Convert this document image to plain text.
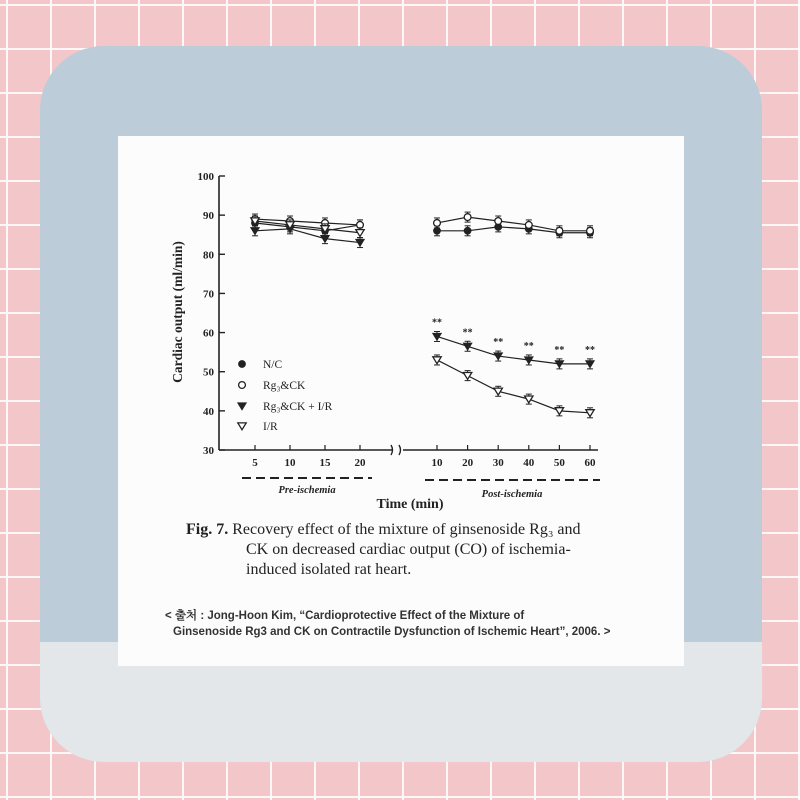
30
40
50
60
70
80
90
100
5 10 15 20	10 20 30 40 50 60
**
**
** ** ** **
Cardiac output (ml/min)
Time (min)
Pre-ischemia	Post-ischemia
N/C
Rg₃&CK
Rg₃&CK + I/R
I/R
Fig. 7. Recovery effect of the mixture of ginsenoside Rg₃ and
CK on decreased cardiac output (CO) of ischemia-
induced isolated rat heart.
< 출처 : Jong-Hoon Kim, “Cardioprotective Effect of the Mixture of
Ginsenoside Rg3 and CK on Contractile Dysfunction of Ischemic Heart”, 2006. >
